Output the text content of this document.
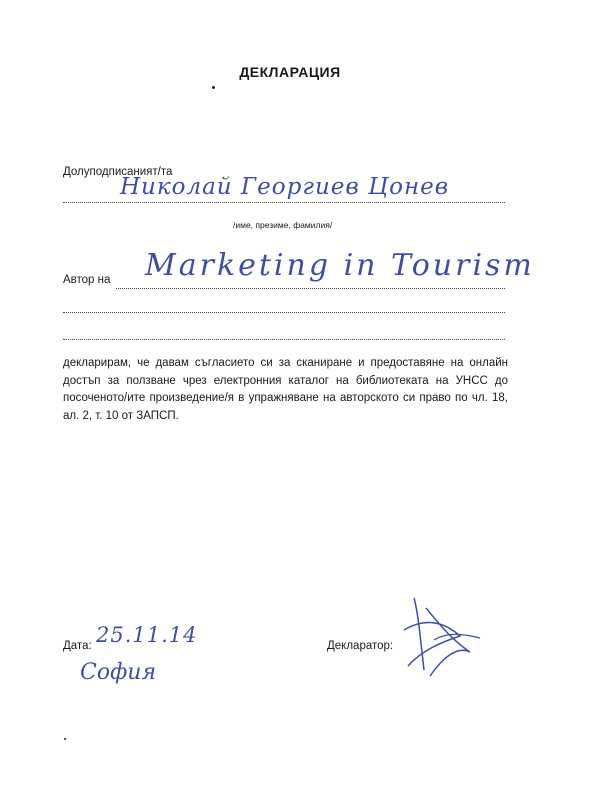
ДЕКЛАРАЦИЯ
Долуподписаният/та
Николай Георгиев Цонев
/име, презиме, фамилия/
Автор на Marketing in Tourism
декларирам, че давам съгласието си за сканиране и предоставяне на онлайн достъп за ползване чрез електронния каталог на библиотеката на УНСС до посоченото/ите произведение/я в упражняване на авторското си право по чл. 18, ал. 2, т. 10 от ЗАПСП.
Дата: 25.11.14
София
Декларатор:
